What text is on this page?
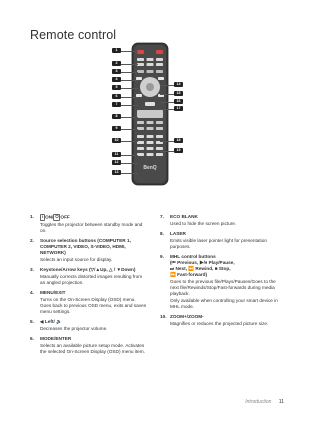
Remote control
BenQ
1
2
3
4
5
6
7
8
9
10
11
12
13
14
15
16
17
18
19
1.	I ON/ ⏻ OFF
Toggles the projector between standby mode and on.
2.	Source selection buttons (COMPUTER 1, COMPUTER 2, VIDEO, S-VIDEO, HDMI, NETWORK)
Selects an input source for display.
3.	Keystone/Arrow keys (▽/▲Up, △ / ▼Down)
Manually corrects distorted images resulting from an angled projection.
4.	MENU/EXIT
Turns on the On-Screen Display (OSD) menu. Goes back to previous OSD menu, exits and saves menu settings.
5.	◀ Left/ 🔉
Decreases the projector volume.
6.	MODE/ENTER
Selects an available picture setup mode. Activates the selected On-Screen Display (OSD) menu item.
7.	ECO BLANK
Used to hide the screen picture.
8.	LASER
Emits visible laser pointer light for presentation purposes.
9.	MHL control buttons
(⏮ Previous, ▶/⏸ Play/Pause,
⏭ Next, ⏪ Rewind, ■ Stop,
⏩ Fast-forward)
Goes to the previous file/Plays/Pauses/Goes to the next file/Rewinds/Stop/Fast-forwards during media playback.
Only available when controlling your smart device in MHL mode.
10. ZOOM+/ZOOM-
Magnifies or reduces the projected picture size.
Introduction 11
